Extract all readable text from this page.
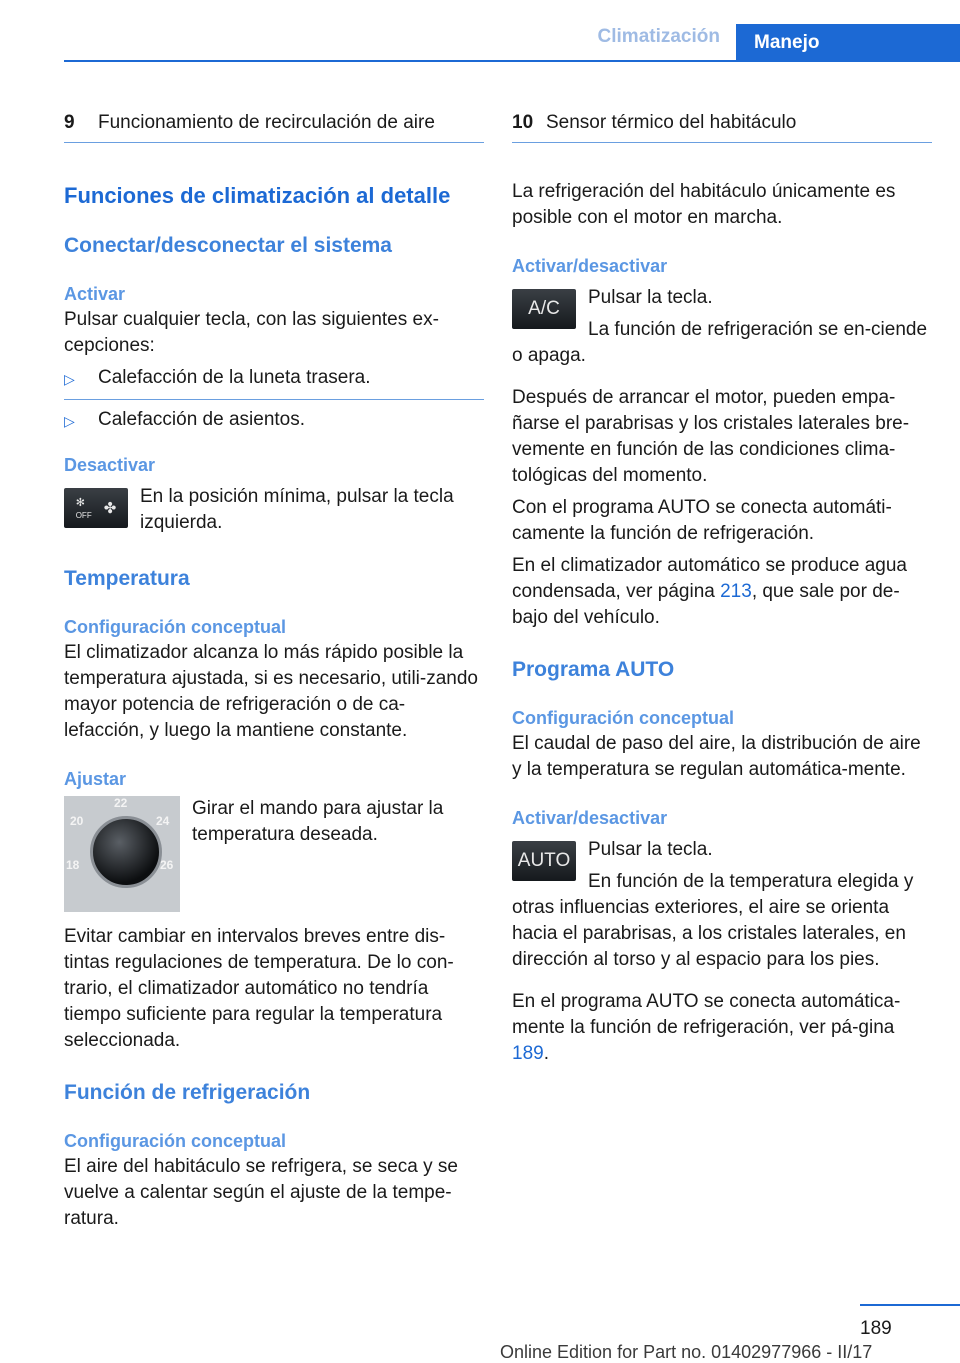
Climatización	Manejo
9	Funcionamiento de recirculación de aire
Funciones de climatización al detalle
Conectar/desconectar el sistema
Activar

Pulsar cualquier tecla, con las siguientes ex‐cepciones:

▷	Calefacción de la luneta trasera.
▷	Calefacción de asientos.
Desactivar
✻
OFF ✤

En la posición mínima, pulsar la tecla izquierda.

Temperatura
Configuración conceptual

El climatizador alcanza lo más rápido posible la temperatura ajustada, si es necesario, utili‐zando mayor potencia de refrigeración o de ca‐lefacción, y luego la mantiene constante.

Ajustar
22
20	24
18	26

Girar el mando para ajustar la temperatura deseada.

Evitar cambiar en intervalos breves entre dis‐tintas regulaciones de temperatura. De lo con‐trario, el climatizador automático no tendría tiempo suficiente para regular la temperatura seleccionada.

Función de refrigeración
Configuración conceptual

El aire del habitáculo se refrigera, se seca y se vuelve a calentar según el ajuste de la tempe‐ratura.

10 Sensor térmico del habitáculo

La refrigeración del habitáculo únicamente es posible con el motor en marcha.

Activar/desactivar
A/C

Pulsar la tecla.

La función de refrigeración se en‐ciende o apaga.

Después de arrancar el motor, pueden empa‐ñarse el parabrisas y los cristales laterales bre‐vemente en función de las condiciones clima‐tológicas del momento.

Con el programa AUTO se conecta automáti‐camente la función de refrigeración.

En el climatizador automático se produce agua condensada, ver página 213, que sale por de‐bajo del vehículo.

Programa AUTO
Configuración conceptual

El caudal de paso del aire, la distribución de aire y la temperatura se regulan automática‐mente.

Activar/desactivar
AUTO

Pulsar la tecla.

En función de la temperatura elegida y otras influencias exteriores, el aire se orienta hacia el parabrisas, a los cristales laterales, en dirección al torso y al espacio para los pies.

En el programa AUTO se conecta automática‐mente la función de refrigeración, ver pá‐gina 189.

189
Online Edition for Part no. 01402977966 - II/17
